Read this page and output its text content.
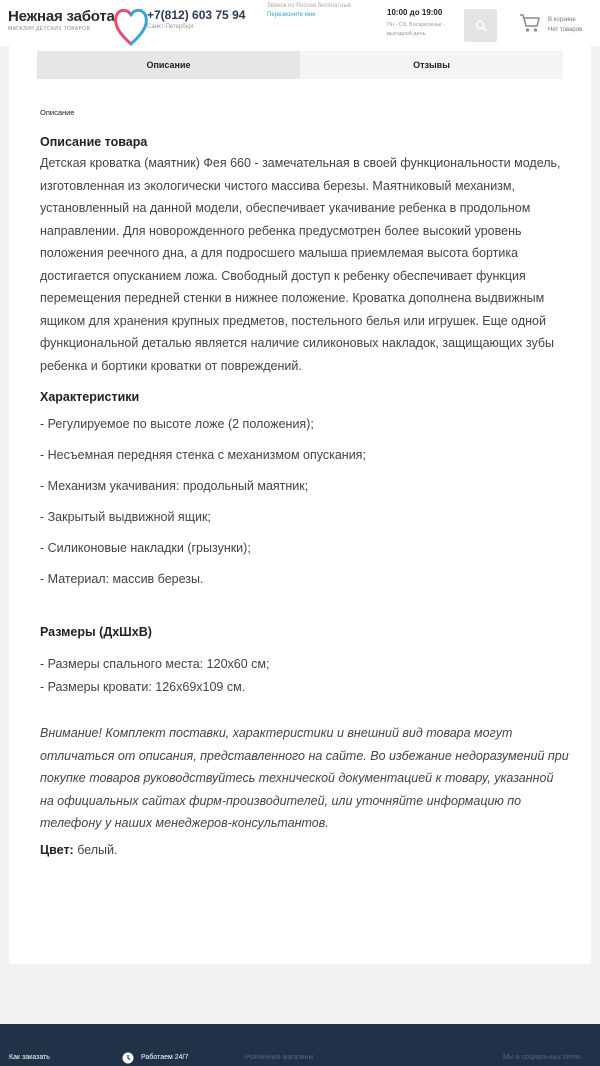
Нежная забота
МАГАЗИН ДЕТСКИХ ТОВАРОВ
+7(812) 603 75 94
Санкт-Петербург
Звонок по России бесплатный
Перезвоните мне	10:00 до 19:00
Пн - Сб, Воскресенье - выходной день
В корзине
Нет товаров
Описание	Отзывы
Описание
Описание товара

Детская кроватка (маятник) Фея 660 - замечательная в своей функциональности модель, изготовленная из экологически чистого массива березы. Маятниковый механизм, установленный на данной модели, обеспечивает укачивание ребенка в продольном направлении. Для новорожденного ребенка предусмотрен более высокий уровень положения реечного дна, а для подросшего малыша приемлемая высота бортика достигается опусканием ложа. Свободный доступ к ребенку обеспечивает функция перемещения передней стенки в нижнее положение. Кроватка дополнена выдвижным ящиком для хранения крупных предметов, постельного белья или игрушек. Еще одной функциональной деталью является наличие силиконовых накладок, защищающих зубы ребенка и бортики кроватки от повреждений.

Характеристики
- Регулируемое по высоте ложе (2 положения);
- Несъемная передняя стенка с механизмом опускания;
- Механизм укачивания: продольный маятник;
- Закрытый выдвижной ящик;
- Силиконовые накладки (грызунки);
- Материал: массив березы.
Размеры (ДхШхВ)
- Размеры спального места: 120х60 см;
- Размеры кровати: 126х69х109 см.
Внимание! Комплект поставки, характеристики и внешний вид товара могут отличаться от описания, представленного на сайте. Во избежание недоразумений при покупке товаров руководствуйтесь технической документацией к товару, указанной на официальных сайтах фирм-производителей, или уточняйте информацию по телефону у наших менеджеров-консультантов.
Цвет: белый.
Как заказать	Работаем 24/7	Розничные магазины	Мы в социальных сетях
